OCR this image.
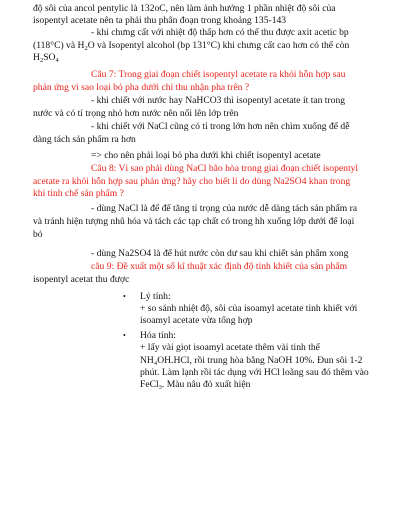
độ sôi của ancol pentylic là 132oC, nên làm ảnh hưởng 1 phần nhiệt độ sôi của
isopentyl acetate nên ta phải thu phân đoạn trong khoảng 135-143
- khi chưng cất với nhiệt độ thấp hơn có thể thu được axit acetic bp
(118°C) và $H_2O$ và Isopentyl alcohol (bp 131°C) khi chưng cất cao hơn có thể còn
$H_2SO_4$
Câu 7: Trong giai đoạn chiết isopentyl acetate ra khỏi hỗn hợp sau
phản ứng vì sao loại bỏ pha dưới chỉ thu nhận pha trên ?
- khi chiết với nước hay NaHCO3 thì isopentyl acetate ít tan trong
nước và có tỉ trọng nhỏ hơn nước nên nổi lên lớp trên
- khi chiết với NaCl cũng có tỉ trong lớn hơn nên chìm xuống để dễ
dàng tách sản phẩm ra hơn
=> cho nên phải loại bỏ pha dưới khi chiết isopentyl acetate
Câu 8: Vì sao phải dùng NaCl bão hòa trong giai đoạn chiết isopentyl
acetate ra khỏi hỗn hợp sau phản ứng? hãy cho biết lí do dùng Na2SO4 khan trong
khi tinh chế sản phẩm ?
- dùng NaCl là để để tăng tỉ trọng của nước dễ dàng tách sản phẩm ra
và tránh hiện tượng nhũ hóa và tách các tạp chất có trong hh xuống lớp dưới để loại
bỏ
- dùng Na2SO4 là để hút nước còn dư sau khi chiết sản phẩm xong
câu 9: Đề xuất một số kĩ thuật xác định độ tinh khiết của sản phẩm
isopentyl acetat thu được
• Lý tính:
+ so sánh nhiệt độ, sôi của isoamyl acetate tinh khiết với
isoamyl acetate vừa tổng hợp
• Hóa tính:
+ lấy vài giọt isoamyl acetate thêm vài tinh thể
NH₄OH.HCl, rồi trung hòa bằng NaOH 10%. Đun sôi 1-2
phút. Làm lạnh rồi tác dụng với HCl loãng sau đó thêm vào
FeCl$_3$. Màu nâu đỏ xuất hiện
